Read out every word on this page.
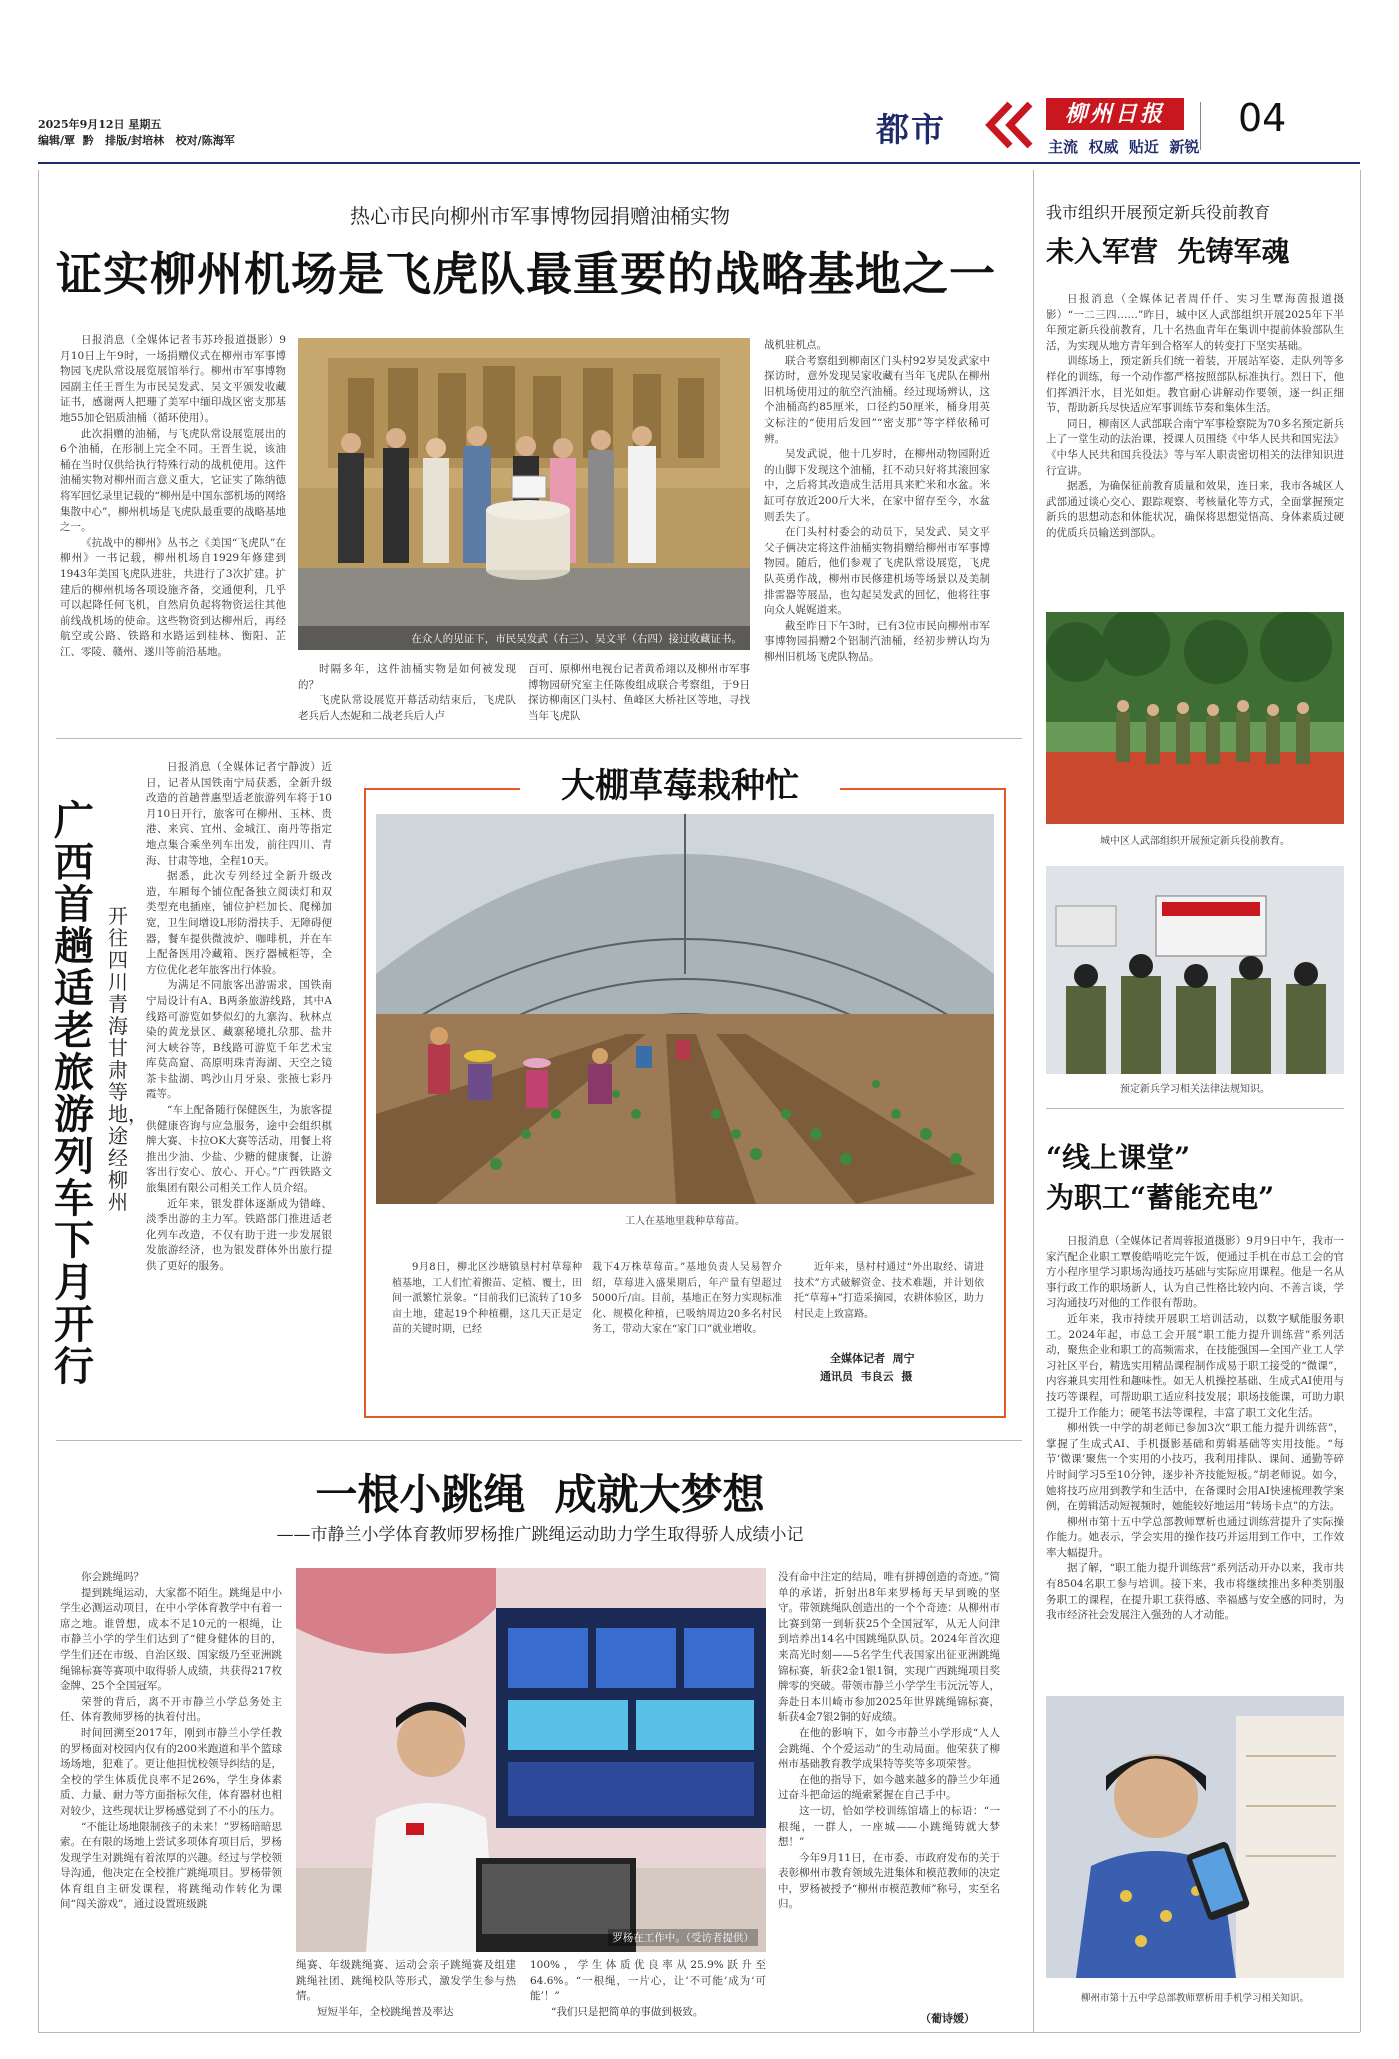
2025年9月12日 星期五
编辑/覃  黔   排版/封培林   校对/陈海军	都市	柳州日报
主流  权威  贴近  新锐
04
热心市民向柳州市军事博物园捐赠油桶实物
证实柳州机场是飞虎队最重要的战略基地之一

日报消息（全媒体记者韦苏玲报道摄影）9月10日上午9时，一场捐赠仪式在柳州市军事博物园飞虎队常设展览展馆举行。柳州市军事博物园副主任王晋生为市民吴发武、吴文平颁发收藏证书，感谢两人把珊了美军中缅印战区密支那基地55加仑铝质油桶（循环使用）。

此次捐赠的油桶，与飞虎队常设展览展出的6个油桶，在形制上完全不同。王晋生说，该油桶在当时仅供给执行特殊行动的战机使用。这件油桶实物对柳州而言意义重大，它证实了陈纳德将军回忆录里记载的“柳州是中国东部机场的网络集散中心”，柳州机场是飞虎队最重要的战略基地之一。

《抗战中的柳州》丛书之《美国“飞虎队”在柳州》一书记载，柳州机场自1929年修建到1943年美国飞虎队进驻，共进行了3次扩建。扩建后的柳州机场各项设施齐备，交通便利，几乎可以起降任何飞机，自然肩负起将物资运往其他前线战机场的使命。这些物资到达柳州后，再经航空或公路、铁路和水路运到桂林、衡阳、芷江、零陵、赣州、遂川等前沿基地。

在众人的见证下，市民吴发武（右三）、吴文平（右四）接过收藏证书。

时隔多年，这件油桶实物是如何被发现的？

飞虎队常设展览开幕活动结束后，飞虎队老兵后人杰妮和二战老兵后人卢

百可、原柳州电视台记者黄希翊以及柳州市军事博物园研究室主任陈俊组成联合考察组，于9日探访柳南区门头村、鱼峰区大桥社区等地，寻找当年飞虎队

战机驻机点。

联合考察组到柳南区门头村92岁吴发武家中探访时，意外发现吴家收藏有当年飞虎队在柳州旧机场使用过的航空汽油桶。经过现场辨认，这个油桶高约85厘米，口径约50厘米，桶身用英文标注的“使用后发回”“密支那”等字样依稀可辨。

吴发武说，他十几岁时，在柳州动物园附近的山脚下发现这个油桶，扛不动只好将其滚回家中，之后将其改造成生活用具来贮米和水盆。米缸可存放近200斤大米，在家中留存至今，水盆则丢失了。

在门头村村委会的动员下，吴发武、吴文平父子俩决定将这件油桶实物捐赠给柳州市军事博物园。随后，他们参观了飞虎队常设展览，飞虎队英勇作战，柳州市民修建机场等场景以及美制排雷器等展品，也勾起吴发武的回忆，他将往事向众人娓娓道来。

截至昨日下午3时，已有3位市民向柳州市军事博物园捐赠2个铝制汽油桶，经初步辨认均为柳州旧机场飞虎队物品。

广西首趟适老旅游列车下月开行
开往四川青海甘肃等地，途经柳州

日报消息（全媒体记者宁静波）近日，记者从国铁南宁局获悉，全新升级改造的首趟普惠型适老旅游列车将于10月10日开行，旅客可在柳州、玉林、贵港、来宾、宜州、金城江、南丹等指定地点集合乘坐列车出发，前往四川、青海、甘肃等地，全程10天。

据悉，此次专列经过全新升级改造，车厢每个铺位配备独立阅读灯和双类型充电插座，铺位护栏加长、爬梯加宽，卫生间增设L形防滑扶手、无障碍便器，餐车提供微波炉、咖啡机，并在车上配备医用冷藏箱、医疗器械柜等，全方位优化老年旅客出行体验。

为满足不同旅客出游需求，国铁南宁局设计有A、B两条旅游线路，其中A线路可游览如梦似幻的九寨沟、秋林点染的黄龙景区、藏寨秘境扎尕那、盐井河大峡谷等，B线路可游览千年艺术宝库莫高窟、高原明珠青海湖、天空之镜茶卡盐湖、鸣沙山月牙泉、张掖七彩丹霞等。

“车上配备随行保健医生，为旅客提供健康咨询与应急服务，途中会组织棋牌大赛、卡拉OK大赛等活动，用餐上将推出少油、少盐、少糖的健康餐，让游客出行安心、放心、开心。”广西铁路文旅集团有限公司相关工作人员介绍。

近年来，银发群体逐渐成为错峰、淡季出游的主力军。铁路部门推进适老化列车改造，不仅有助于进一步发展银发旅游经济，也为银发群体外出旅行提供了更好的服务。

大棚草莓栽种忙
工人在基地里栽种草莓苗。

9月8日，柳北区沙塘镇垦村村草莓种植基地，工人们忙着搬苗、定植、覆土，田间一派繁忙景象。“目前我们已流转了10多亩土地，建起19个种植棚，这几天正是定苗的关键时期，已经

栽下4万株草莓苗。”基地负责人吴易智介绍，草莓进入盛果期后，年产量有望超过5000斤/亩。目前，基地正在努力实现标准化、规模化种植，已吸纳周边20多名村民务工，带动大家在“家门口”就业增收。

近年来，垦村村通过“外出取经、请进技术”方式破解资金、技术难题，并计划依托“草莓+”打造采摘园，农耕体验区，助力村民走上致富路。

全媒体记者  周宁
通讯员  韦良云  摄
一根小跳绳  成就大梦想
——市静兰小学体育教师罗杨推广跳绳运动助力学生取得骄人成绩小记

你会跳绳吗？

提到跳绳运动，大家都不陌生。跳绳是中小学生必测运动项目，在中小学体育教学中有着一席之地。谁曾想，成本不足10元的一根绳，让市静兰小学的学生们达到了“健身健体的目的，学生们还在市级、自治区级、国家级乃至亚洲跳绳锦标赛等赛项中取得骄人成绩，共获得217枚金牌、25个全国冠军。

荣誉的背后，离不开市静兰小学总务处主任、体育教师罗杨的执着付出。

时间回溯至2017年，刚到市静兰小学任教的罗杨面对校园内仅有的200米跑道和半个篮球场场地，犯难了。更让他担忧校领导纠结的是，全校的学生体质优良率不足26%，学生身体素质、力量、耐力等方面指标欠佳，体育器材也相对较少，这些现状让罗杨感觉到了不小的压力。

“不能让场地限制孩子的未来！”罗杨暗暗思索。在有限的场地上尝试多项体育项目后，罗杨发现学生对跳绳有着浓厚的兴趣。经过与学校领导沟通，他决定在全校推广跳绳项目。罗杨带领体育组自主研发课程，将跳绳动作转化为课间“闯关游戏”，通过设置班级跳

罗杨在工作中。（受访者提供）

绳赛、年级跳绳赛、运动会亲子跳绳赛及组建跳绳社团、跳绳校队等形式，激发学生参与热情。

短短半年，全校跳绳普及率达

100%，学生体质优良率从25.9%跃升至64.6%。“一根绳，一片心，让‘不可能’成为‘可能’！”

“我们只是把简单的事做到极致。

没有命中注定的结局，唯有拼搏创造的奇迹。”简单的承诺，折射出8年来罗杨每天早到晚的坚守。带领跳绳队创造出的一个个奇迹：从柳州市比赛到第一到斩获25个全国冠军，从无人问津到培养出14名中国跳绳队队员。2024年首次迎来高光时刻——5名学生代表国家出征亚洲跳绳锦标赛，斩获2金1银1铜，实现广西跳绳项目奖牌零的突破。带领市静兰小学学生韦沅沅等人，奔赴日本川崎市参加2025年世界跳绳锦标赛，斩获4金7银2铜的好成绩。

在他的影响下，如今市静兰小学形成“人人会跳绳、个个爱运动”的生动局面。他荣获了柳州市基础教育教学成果特等奖等多项荣誉。

在他的指导下，如今越来越多的静兰少年通过奋斗把命运的绳索紧握在自己手中。

这一切，恰如学校训练馆墙上的标语：“一根绳，一群人，一座城——小跳绳铸就大梦想！”

今年9月11日，在市委、市政府发布的关于表彰柳州市教育领域先进集体和模范教师的决定中，罗杨被授予“柳州市模范教师”称号，实至名归。

（葡诗媛）
我市组织开展预定新兵役前教育
未入军营  先铸军魂

日报消息（全媒体记者周仟仟、实习生覃海茵报道摄影）“一二三四……”昨日，城中区人武部组织开展2025年下半年预定新兵役前教育，几十名热血青年在集训中提前体验部队生活，为实现从地方青年到合格军人的转变打下坚实基础。

训练场上，预定新兵们统一着装，开展站军姿、走队列等多样化的训练，每一个动作都严格按照部队标准执行。烈日下，他们挥洒汗水，目光如炬。教官耐心讲解动作要领，逐一纠正细节，帮助新兵尽快适应军事训练节奏和集体生活。

同日，柳南区人武部联合南宁军事检察院为70多名预定新兵上了一堂生动的法治课，授课人员围绕《中华人民共和国宪法》《中华人民共和国兵役法》等与军人职责密切相关的法律知识进行宣讲。

据悉，为确保征前教育质量和效果，连日来，我市各城区人武部通过谈心交心、跟踪观察、考核量化等方式，全面掌握预定新兵的思想动态和体能状况，确保将思想觉悟高、身体素质过硬的优质兵员输送到部队。

城中区人武部组织开展预定新兵役前教育。
预定新兵学习相关法律法规知识。
“线上课堂”
为职工“蓄能充电”

日报消息（全媒体记者周蓉报道摄影）9月9日中午，我市一家汽配企业职工覃俊皓啃吃完午饭，便通过手机在市总工会的官方小程序里学习职场沟通技巧基础与实际应用课程。他是一名从事行政工作的职场新人，认为自己性格比较内向、不善言谈，学习沟通技巧对他的工作很有帮助。

近年来，我市持续开展职工培训活动，以数字赋能服务职工。2024年起，市总工会开展“职工能力提升训练营”系列活动，聚焦企业和职工的高频需求，在技能强国—全国产业工人学习社区平台，精选实用精品课程制作成易于职工接受的“微课”，内容兼具实用性和趣味性。如无人机操控基础、生成式AI使用与技巧等课程，可帮助职工适应科技发展；职场技能课，可助力职工提升工作能力；硬笔书法等课程，丰富了职工文化生活。

柳州铁一中学的胡老师已参加3次“职工能力提升训练营”，掌握了生成式AI、手机摄影基础和剪辑基础等实用技能。“每节‘微课’聚焦一个实用的小技巧，我利用排队、课间、通勤等碎片时间学习5至10分钟，逐步补齐技能短板。”胡老师说。如今，她将技巧应用到教学和生活中，在备课时会用AI快速梳理教学案例，在剪辑活动短视频时，她能较好地运用“转场卡点”的方法。

柳州市第十五中学总部教师覃析也通过训练营提升了实际操作能力。她表示，学会实用的操作技巧并运用到工作中，工作效率大幅提升。

据了解，“职工能力提升训练营”系列活动开办以来，我市共有8504名职工参与培训。接下来，我市将继续推出多种类别服务职工的课程，在提升职工获得感、幸福感与安全感的同时，为我市经济社会发展注入强劲的人才动能。

柳州市第十五中学总部教师覃析用手机学习相关知识。
